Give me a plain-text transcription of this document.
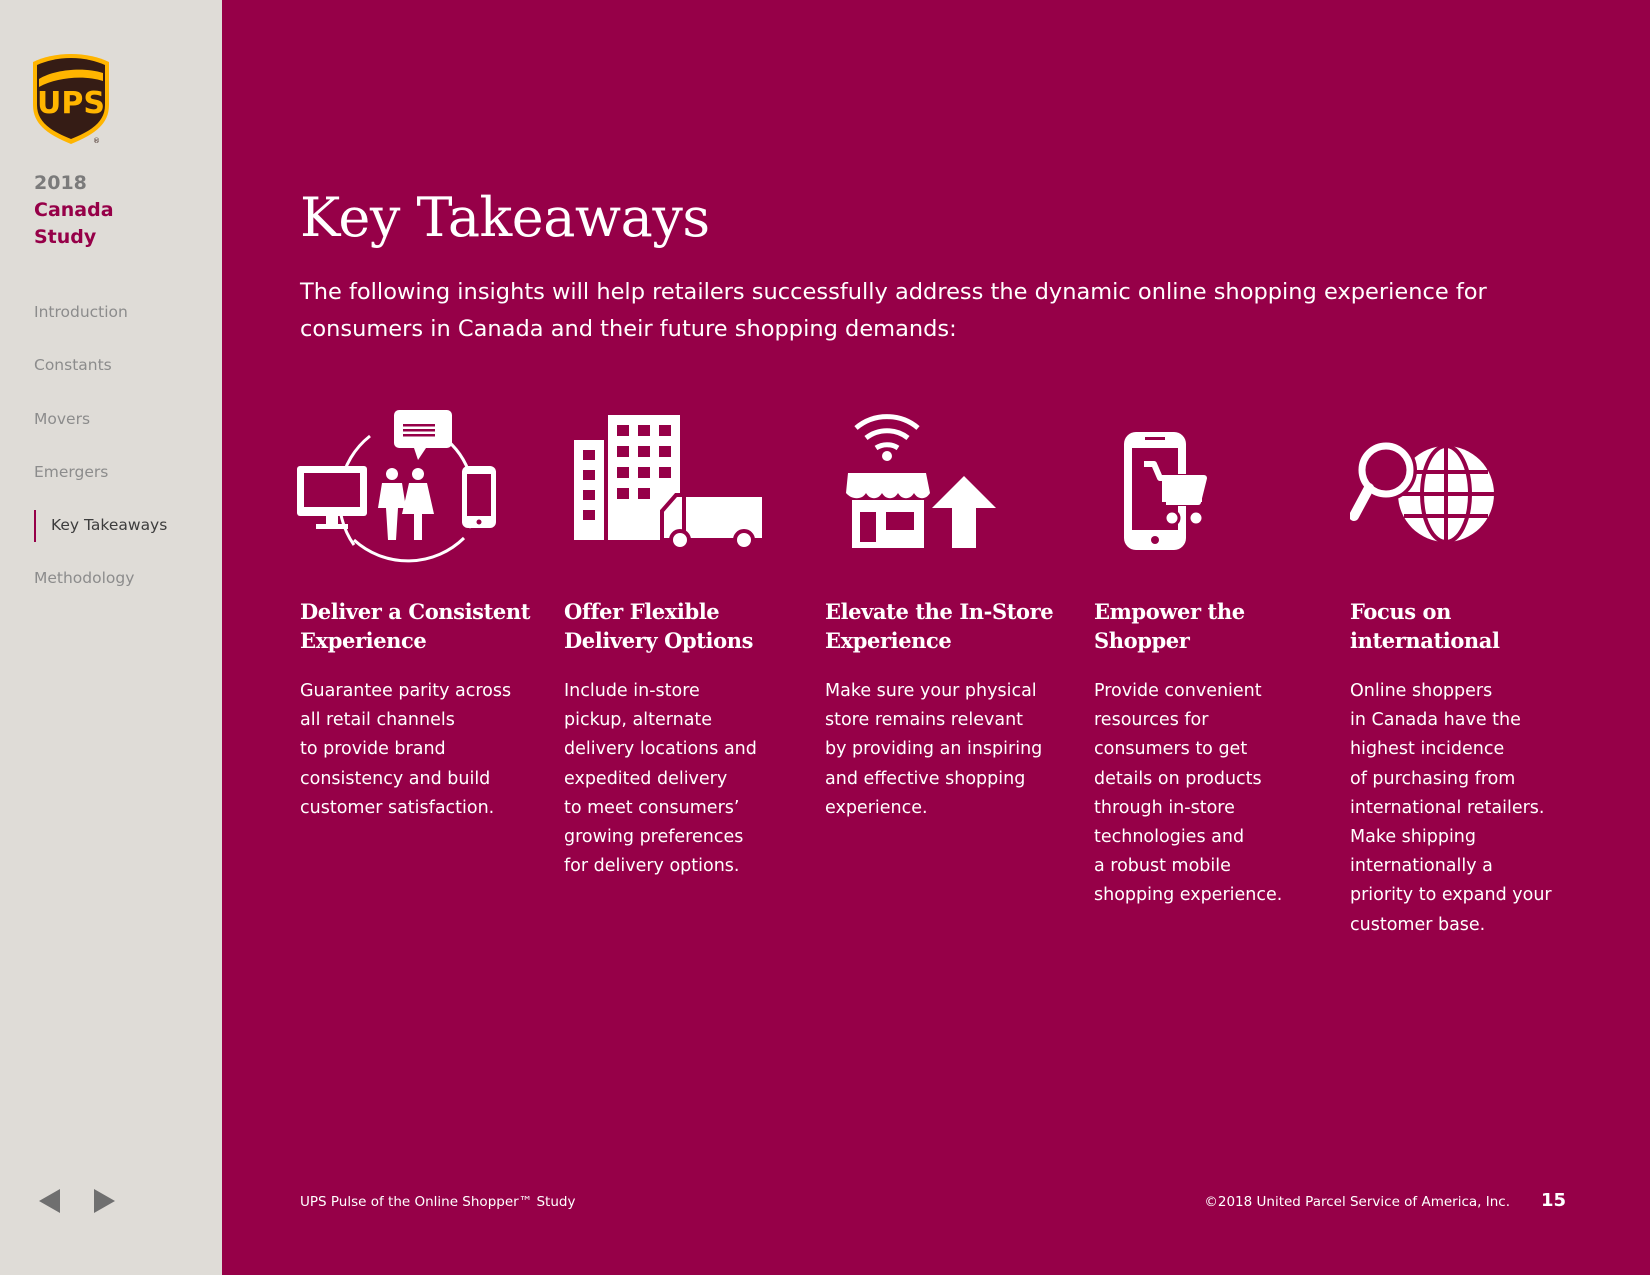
UPS
®
2018
Canada
Study
Introduction
Constants
Movers
Emergers
Key Takeaways
Methodology
Key Takeaways

The following insights will help retailers successfully address the dynamic online shopping experience for consumers in Canada and their future shopping demands:

Deliver a Consistent
Experience

Guarantee parity across
all retail channels
to provide brand
consistency and build
customer satisfaction.

Offer Flexible
Delivery Options

Include in-store
pickup, alternate
delivery locations and
expedited delivery
to meet consumers’
growing preferences
for delivery options.

Elevate the In-Store
Experience

Make sure your physical
store remains relevant
by providing an inspiring
and effective shopping
experience.

Empower the
Shopper

Provide convenient
resources for
consumers to get
details on products
through in-store
technologies and
a robust mobile
shopping experience.

Focus on
international

Online shoppers
in Canada have the
highest incidence
of purchasing from
international retailers.
Make shipping
internationally a
priority to expand your
customer base.

UPS Pulse of the Online Shopper™ Study	©2018 United Parcel Service of America, Inc. 15
